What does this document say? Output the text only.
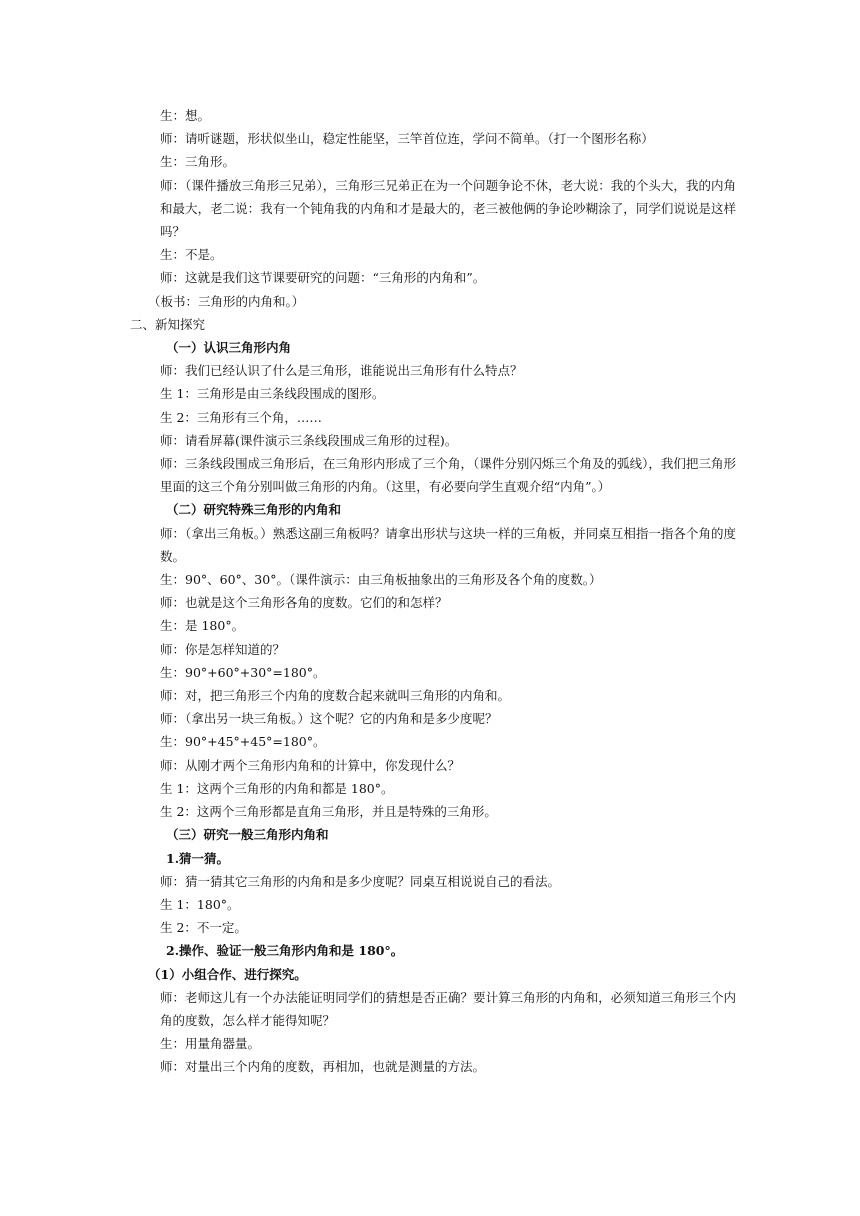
生：想。
师：请听谜题，形状似坐山，稳定性能坚，三竿首位连，学问不简单。（打一个图形名称）
生：三角形。
师：（课件播放三角形三兄弟），三角形三兄弟正在为一个问题争论不休，老大说：我的个头大，我的内角和最大，老二说：我有一个钝角我的内角和才是最大的，老三被他俩的争论吵糊涂了，同学们说说是这样吗？
生：不是。
师：这就是我们这节课要研究的问题：“三角形的内角和”。
（板书：三角形的内角和。）
二、新知探究
（一）认识三角形内角
师：我们已经认识了什么是三角形，谁能说出三角形有什么特点？
生 1：三角形是由三条线段围成的图形。
生 2：三角形有三个角，……
师：请看屏幕(课件演示三条线段围成三角形的过程)。
师：三条线段围成三角形后，在三角形内形成了三个角，（课件分别闪烁三个角及的弧线），我们把三角形里面的这三个角分别叫做三角形的内角。（这里，有必要向学生直观介绍“内角”。）
（二）研究特殊三角形的内角和
师：（拿出三角板。）熟悉这副三角板吗？请拿出形状与这块一样的三角板，并同桌互相指一指各个角的度数。
生：90°、60°、30°。（课件演示：由三角板抽象出的三角形及各个角的度数。）
师：也就是这个三角形各角的度数。它们的和怎样？
生：是 180°。
师：你是怎样知道的？
生：90°+60°+30°=180°。
师：对，把三角形三个内角的度数合起来就叫三角形的内角和。
师：（拿出另一块三角板。）这个呢？它的内角和是多少度呢？
生：90°+45°+45°=180°。
师：从刚才两个三角形内角和的计算中，你发现什么？
生 1：这两个三角形的内角和都是 180°。
生 2：这两个三角形都是直角三角形，并且是特殊的三角形。
（三）研究一般三角形内角和
1.猜一猜。
师：猜一猜其它三角形的内角和是多少度呢？同桌互相说说自己的看法。
生 1：180°。
生 2：不一定。
2.操作、验证一般三角形内角和是 180°。
（1）小组合作、进行探究。
师：老师这儿有一个办法能证明同学们的猜想是否正确？要计算三角形的内角和，必须知道三角形三个内角的度数，怎么样才能得知呢？
生：用量角器量。
师：对量出三个内角的度数，再相加，也就是测量的方法。
